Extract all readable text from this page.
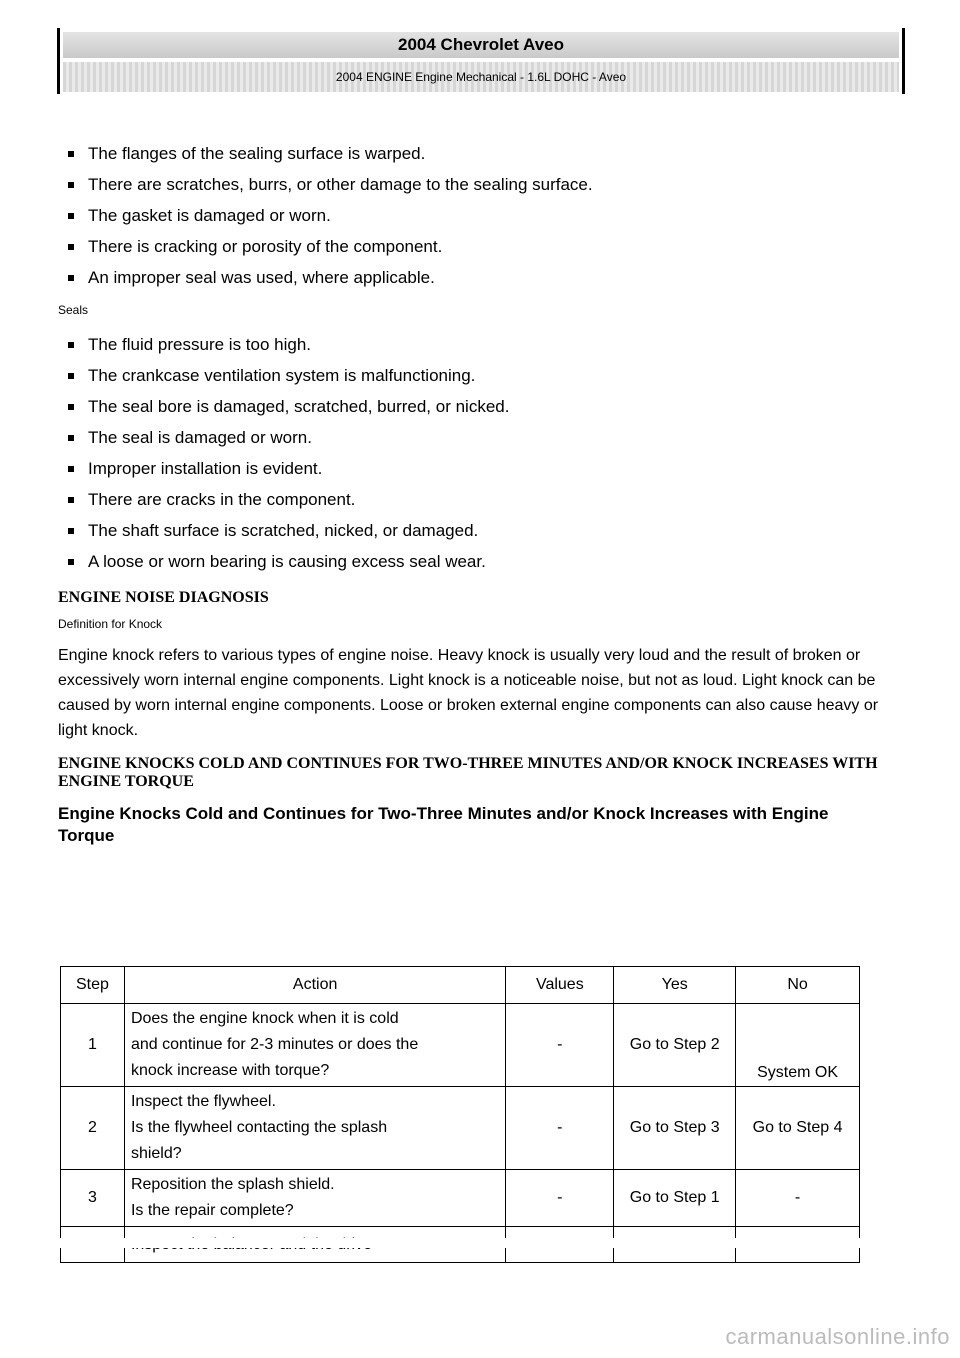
2004 Chevrolet Aveo
2004 ENGINE Engine Mechanical - 1.6L DOHC - Aveo
The flanges of the sealing surface is warped.
There are scratches, burrs, or other damage to the sealing surface.
The gasket is damaged or worn.
There is cracking or porosity of the component.
An improper seal was used, where applicable.
Seals
The fluid pressure is too high.
The crankcase ventilation system is malfunctioning.
The seal bore is damaged, scratched, burred, or nicked.
The seal is damaged or worn.
Improper installation is evident.
There are cracks in the component.
The shaft surface is scratched, nicked, or damaged.
A loose or worn bearing is causing excess seal wear.
ENGINE NOISE DIAGNOSIS
Definition for Knock
Engine knock refers to various types of engine noise. Heavy knock is usually very loud and the result of broken or excessively worn internal engine components. Light knock is a noticeable noise, but not as loud. Light knock can be caused by worn internal engine components. Loose or broken external engine components can also cause heavy or light knock.
ENGINE KNOCKS COLD AND CONTINUES FOR TWO-THREE MINUTES AND/OR KNOCK INCREASES WITH ENGINE TORQUE
Engine Knocks Cold and Continues for Two-Three Minutes and/or Knock Increases with Engine Torque
Step	Action	Values	Yes	No
1	Does the engine knock when it is cold
and continue for 2-3 minutes or does the
knock increase with torque?	-	Go to Step 2	System OK
2	Inspect the flywheel.
Is the flywheel contacting the splash
shield?	-	Go to Step 3	Go to Step 4
3	Reposition the splash shield.
Is the repair complete?	-	Go to Step 1	-

carmanualsonline.info
